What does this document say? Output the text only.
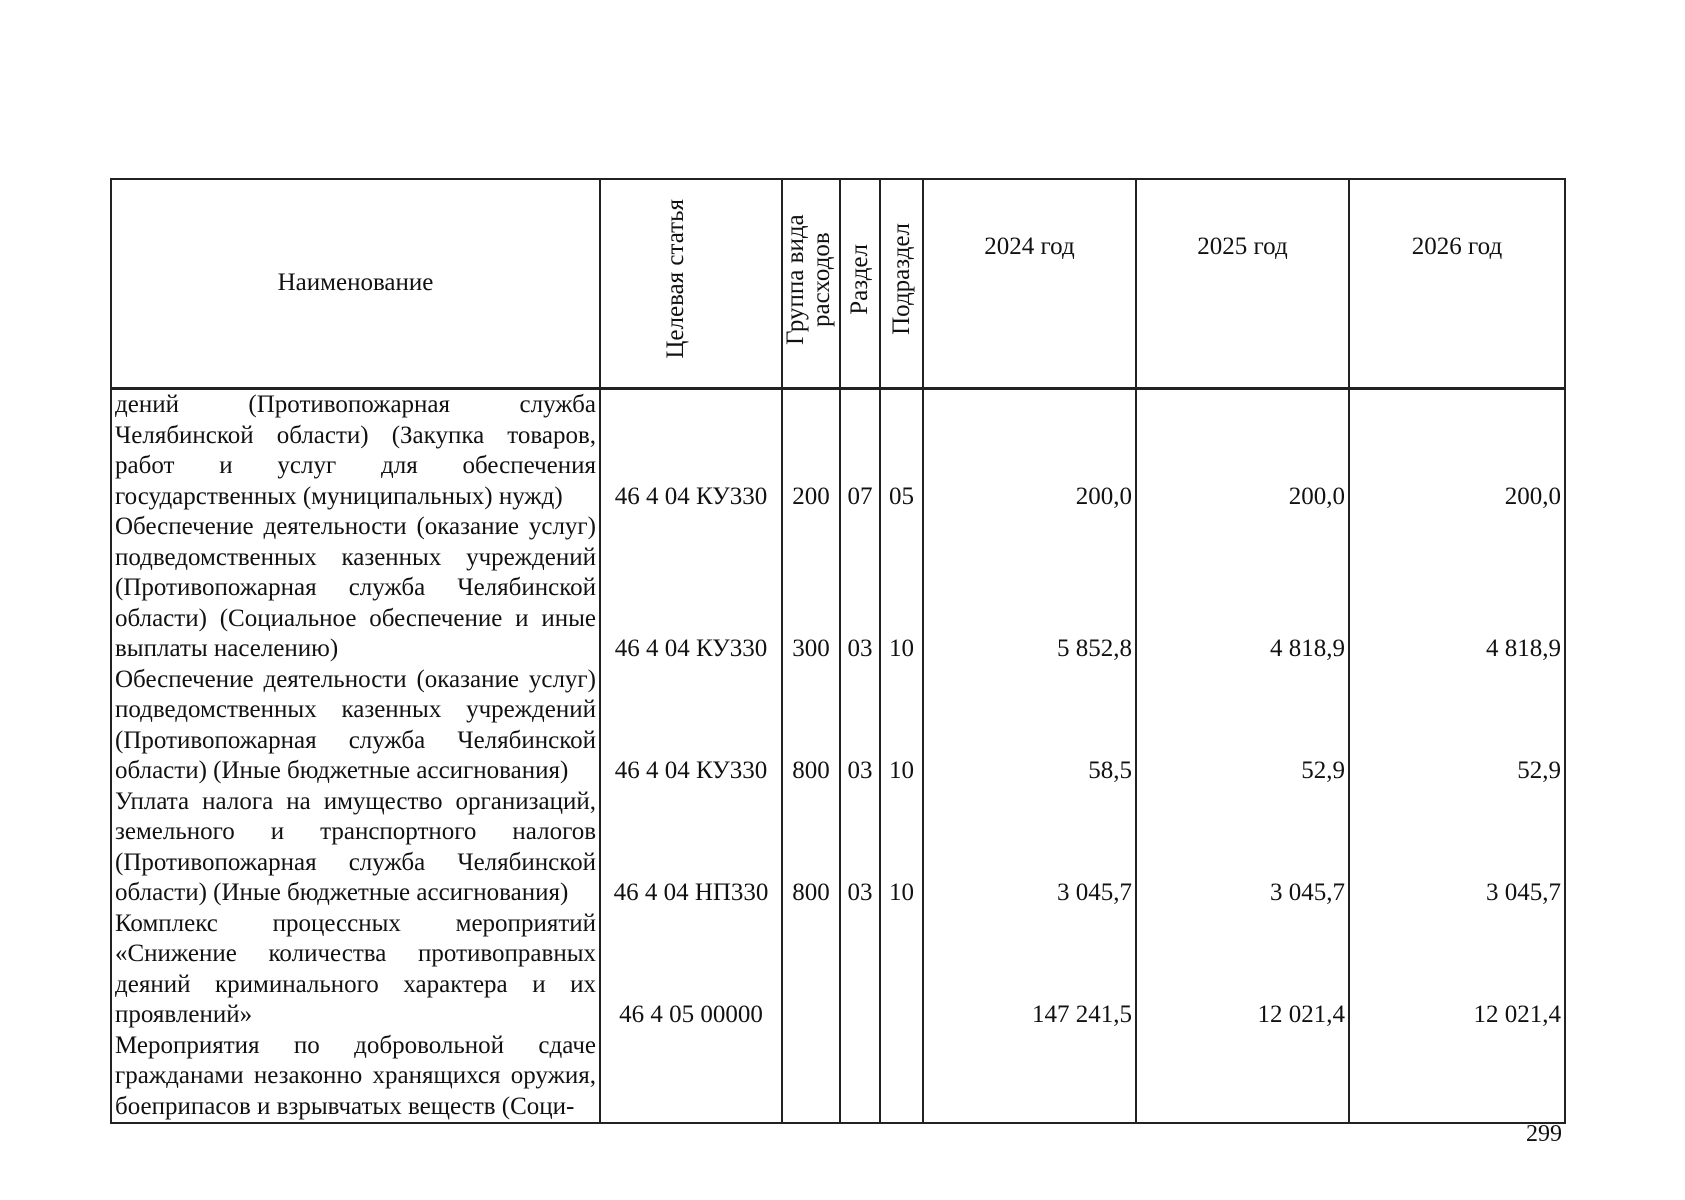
Наименование	Целевая статья	Группа вида расходов	Раздел	Подраздел	2024 год	2025 год	2026 год
дений (Противопожарная служба Челябинской области) (Закупка товаров, работ и услуг для обеспечения государственных (муниципальных) нужд)	46 4 04 КУ330	200	07	05	200,0	200,0	200,0
Обеспечение деятельности (оказание услуг) подведомственных казенных учреждений (Противопожарная служба Челябинской области) (Социальное обеспечение и иные выплаты населению)	46 4 04 КУ330	300	03	10	5 852,8	4 818,9	4 818,9
Обеспечение деятельности (оказание услуг) подведомственных казенных учреждений (Противопожарная служба Челябинской области) (Иные бюджетные ассигнования)	46 4 04 КУ330	800	03	10	58,5	52,9	52,9
Уплата налога на имущество организаций, земельного и транспортного налогов (Противопожарная служба Челябинской области) (Иные бюджетные ассигнования)	46 4 04 НП330	800	03	10	3 045,7	3 045,7	3 045,7
Комплекс процессных мероприятий «Снижение количества противоправных деяний криминального характера и их проявлений»	46 4 05 00000				147 241,5	12 021,4	12 021,4
Мероприятия по добровольной сдаче гражданами незаконно хранящихся оружия, боеприпасов и взрывчатых веществ (Соци-							
299
